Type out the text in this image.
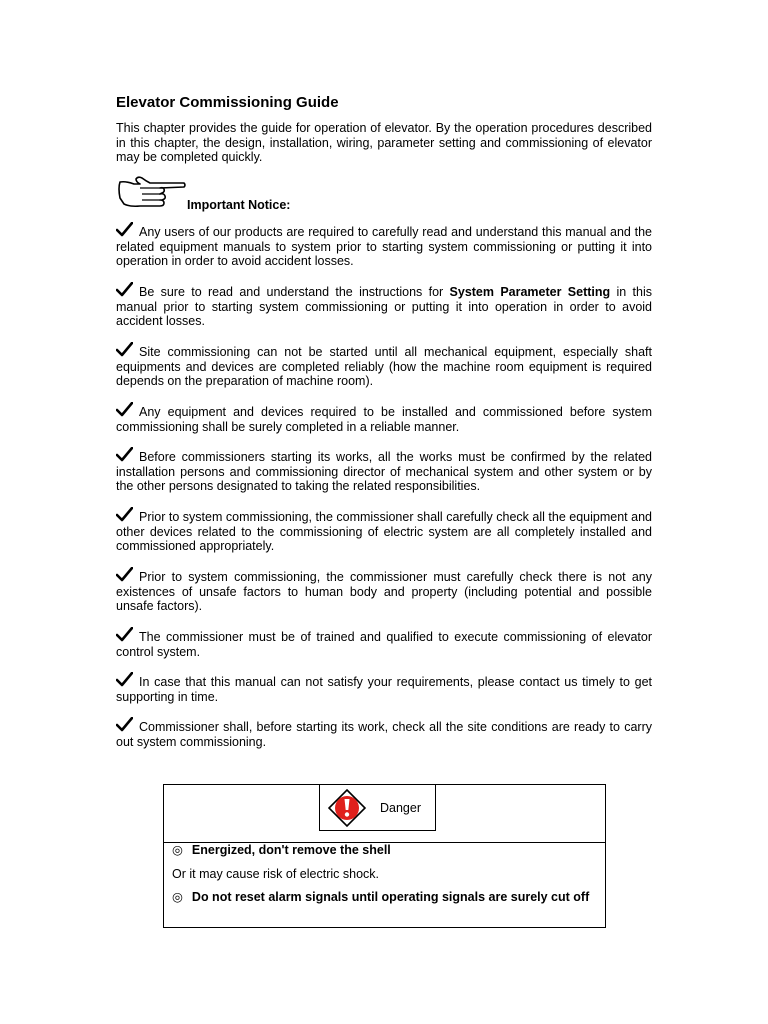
Elevator Commissioning Guide

This chapter provides the guide for operation of elevator. By the operation procedures described in this chapter, the design, installation, wiring, parameter setting and commissioning of elevator may be completed quickly.

Important Notice:

Any users of our products are required to carefully read and understand this manual and the related equipment manuals to system prior to starting system commissioning or putting it into operation in order to avoid accident losses.

Be sure to read and understand the instructions for System Parameter Setting in this manual prior to starting system commissioning or putting it into operation in order to avoid accident losses.

Site commissioning can not be started until all mechanical equipment, especially shaft equipments and devices are completed reliably (how the machine room equipment is required depends on the preparation of machine room).

Any equipment and devices required to be installed and commissioned before system commissioning shall be surely completed in a reliable manner.

Before commissioners starting its works, all the works must be confirmed by the related installation persons and commissioning director of mechanical system and other system or by the other persons designated to taking the related responsibilities.

Prior to system commissioning, the commissioner shall carefully check all the equipment and other devices related to the commissioning of electric system are all completely installed and commissioned appropriately.

Prior to system commissioning, the commissioner must carefully check there is not any existences of unsafe factors to human body and property (including potential and possible unsafe factors).

The commissioner must be of trained and qualified to execute commissioning of elevator control system.

In case that this manual can not satisfy your requirements, please contact us timely to get supporting in time.

Commissioner shall, before starting its work, check all the site conditions are ready to carry out system commissioning.

Danger

◎ Energized, don't remove the shell

Or it may cause risk of electric shock.

◎ Do not reset alarm signals until operating signals are surely cut off
